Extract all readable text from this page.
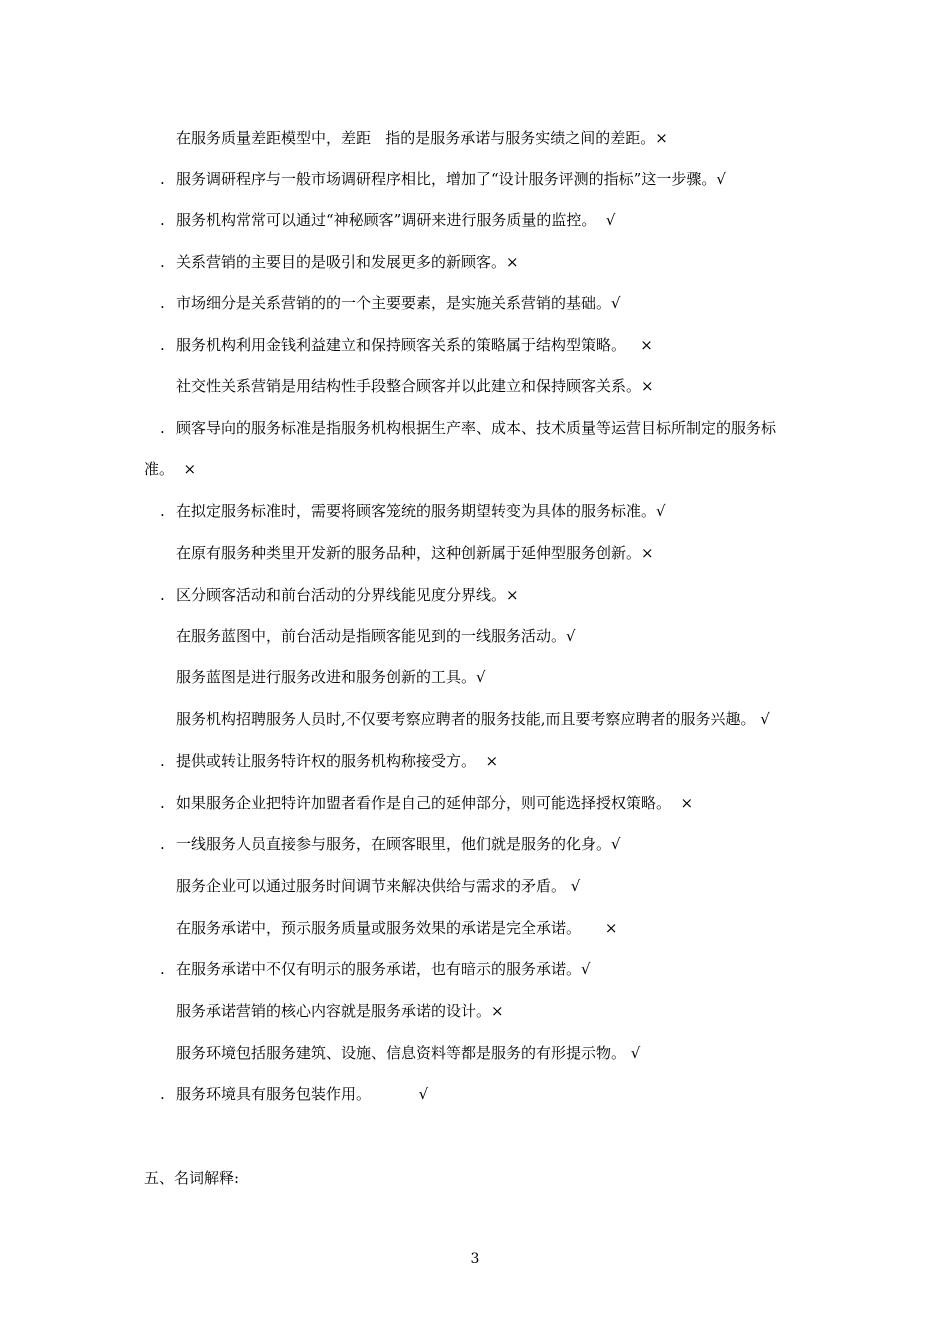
在服务质量差距模型中，差距   指的是服务承诺与服务实绩之间的差距。×
. 服务调研程序与一般市场调研程序相比，增加了“设计服务评测的指标”这一步骤。√
. 服务机构常常可以通过“神秘顾客”调研来进行服务质量的监控。  √
. 关系营销的主要目的是吸引和发展更多的新顾客。×
. 市场细分是关系营销的的一个主要要素，是实施关系营销的基础。√
. 服务机构利用金钱利益建立和保持顾客关系的策略属于结构型策略。   ×
社交性关系营销是用结构性手段整合顾客并以此建立和保持顾客关系。×
. 顾客导向的服务标准是指服务机构根据生产率、成本、技术质量等运营目标所制定的服务标
准。  ×
. 在拟定服务标准时，需要将顾客笼统的服务期望转变为具体的服务标准。√
在原有服务种类里开发新的服务品种，这种创新属于延伸型服务创新。×
. 区分顾客活动和前台活动的分界线能见度分界线。×
在服务蓝图中，前台活动是指顾客能见到的一线服务活动。√
服务蓝图是进行服务改进和服务创新的工具。√
服务机构招聘服务人员时,不仅要考察应聘者的服务技能,而且要考察应聘者的服务兴趣。 √
. 提供或转让服务特许权的服务机构称接受方。  ×
. 如果服务企业把特许加盟者看作是自己的延伸部分，则可能选择授权策略。  ×
. 一线服务人员直接参与服务，在顾客眼里，他们就是服务的化身。√
服务企业可以通过服务时间调节来解决供给与需求的矛盾。 √
在服务承诺中，预示服务质量或服务效果的承诺是完全承诺。     ×
. 在服务承诺中不仅有明示的服务承诺，也有暗示的服务承诺。√
服务承诺营销的核心内容就是服务承诺的设计。×
服务环境包括服务建筑、设施、信息资料等都是服务的有形提示物。 √
. 服务环境具有服务包装作用。          √
五、名词解释:
3
